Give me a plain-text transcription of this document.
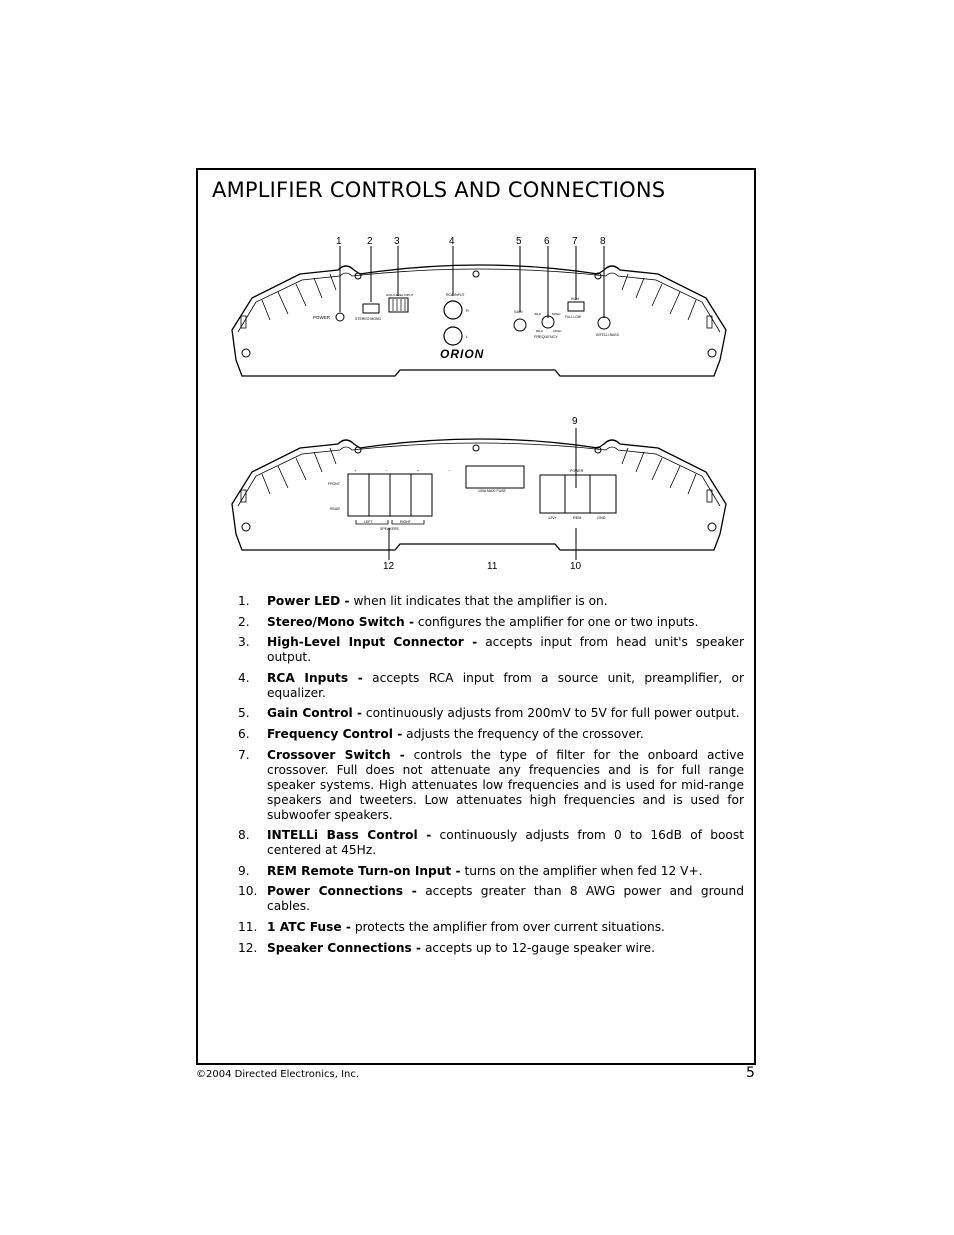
AMPLIFIER CONTROLS AND CONNECTIONS
1	2 3	4	5 6 7 8
POWER	STEREO MONO
HIGH LEVEL INPUT	RCA INPUT
R
L
GAIN	40Hz	500Hz
80Hz	160Hz
FREQUENCY
HIGH
FULL LOW
INTELLi BASS
ORION
9
12	11	10
FRONT
REAR
+ − + −
LEFT	RIGHT
SPEAKERS
100A MAXI FUSE
POWER
12V+	REM	GND
1. Power LED - when lit indicates that the amplifier is on.
2. Stereo/Mono Switch - configures the amplifier for one or two inputs.
3. High-Level Input Connector - accepts input from head unit's speaker output.
4. RCA Inputs - accepts RCA input from a source unit, preamplifier, or equalizer.
5. Gain Control - continuously adjusts from 200mV to 5V for full power output.
6. Frequency Control - adjusts the frequency of the crossover.
7. Crossover Switch - controls the type of filter for the onboard active crossover. Full does not attenuate any frequencies and is for full range speaker systems. High attenuates low frequencies and is used for mid-range speakers and tweeters. Low attenuates high frequencies and is used for subwoofer speakers.
8. INTELLi Bass Control - continuously adjusts from 0 to 16dB of boost centered at 45Hz.
9. REM Remote Turn-on Input - turns on the amplifier when fed 12 V+.
10. Power Connections - accepts greater than 8 AWG power and ground cables.
11. 1 ATC Fuse - protects the amplifier from over current situations.
12. Speaker Connections - accepts up to 12-gauge speaker wire.
©2004 Directed Electronics, Inc.	5
